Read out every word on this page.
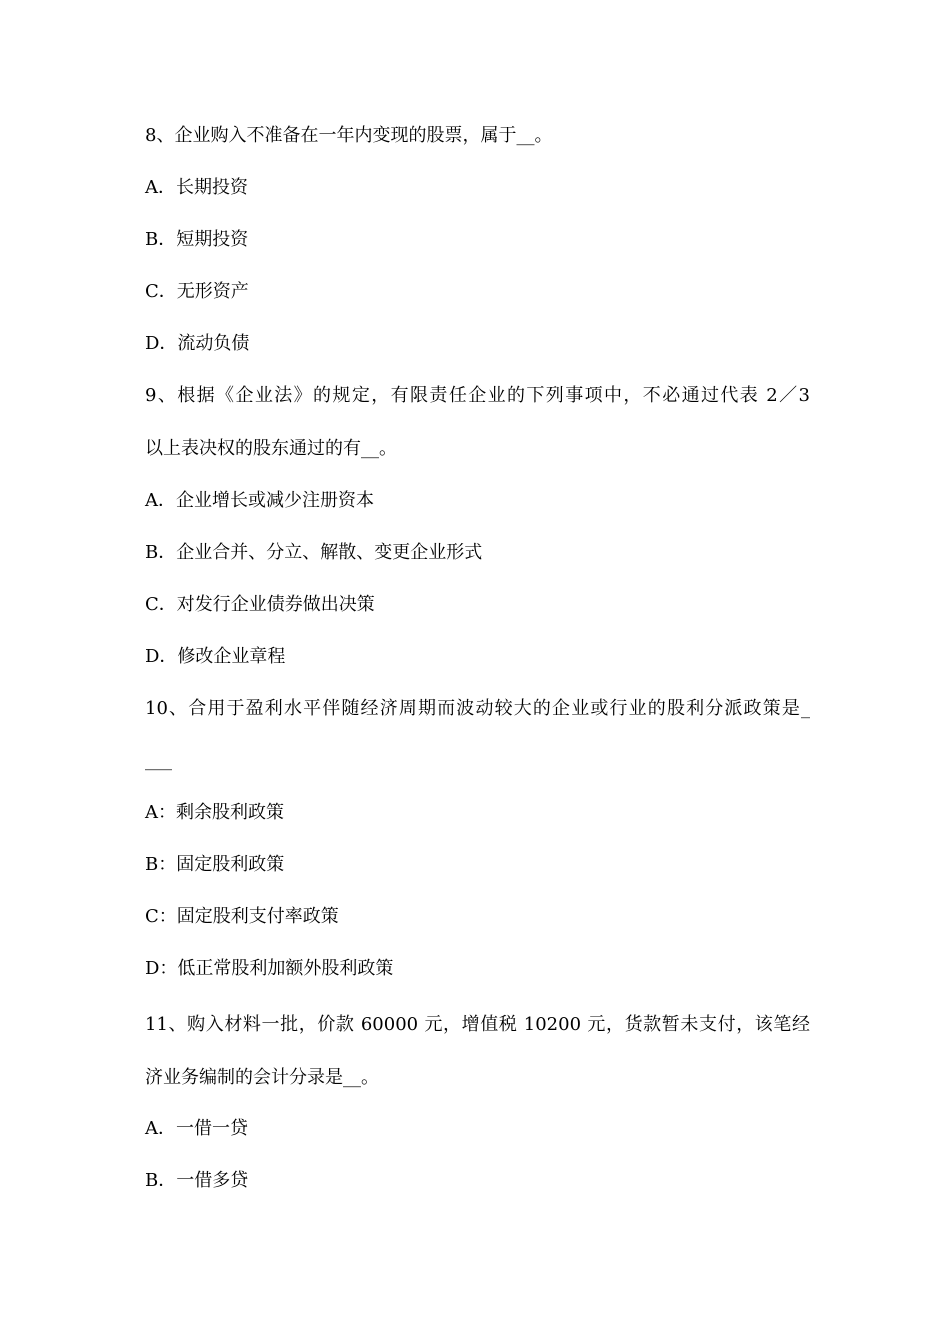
8、企业购入不准备在一年内变现的股票，属于__。
A．长期投资
B．短期投资
C．无形资产
D．流动负债
9、根据《企业法》的规定，有限责任企业的下列事项中，不必通过代表 2／3
以上表决权的股东通过的有__。
A．企业增长或减少注册资本
B．企业合并、分立、解散、变更企业形式
C．对发行企业债券做出决策
D．修改企业章程
10、合用于盈利水平伴随经济周期而波动较大的企业或行业的股利分派政策是_
___
A：剩余股利政策
B：固定股利政策
C：固定股利支付率政策
D：低正常股利加额外股利政策
11、购入材料一批，价款 60000 元，增值税 10200 元，货款暂未支付，该笔经
济业务编制的会计分录是__。
A．一借一贷
B．一借多贷
